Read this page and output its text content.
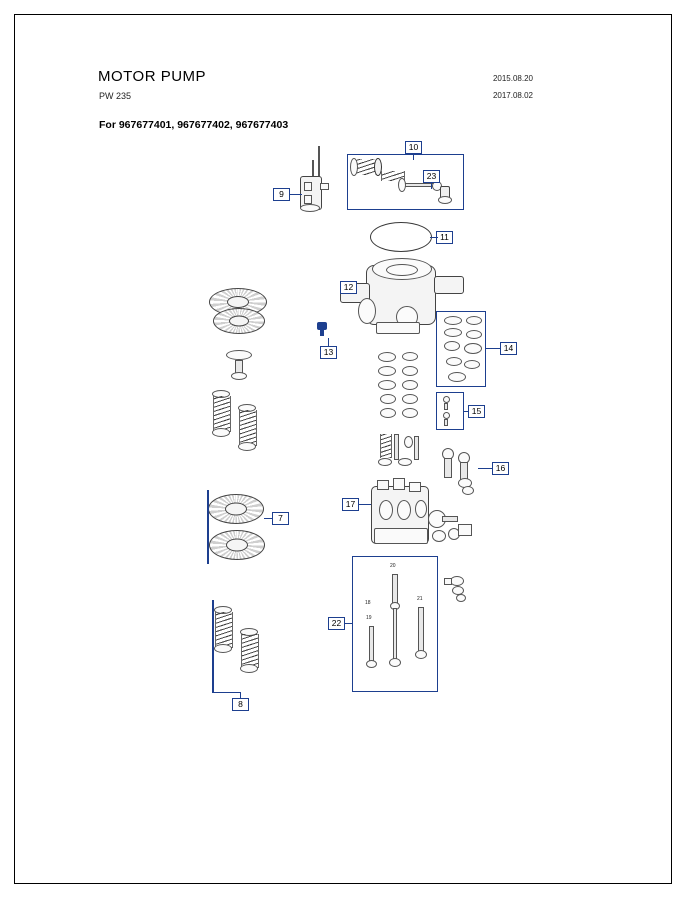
MOTOR PUMP
PW 235
2015.08.20
2017.08.02
For 967677401, 967677402, 967677403
9
10
23
11
12
13	14
15
16
17
22
20
18
19
21
7
8
